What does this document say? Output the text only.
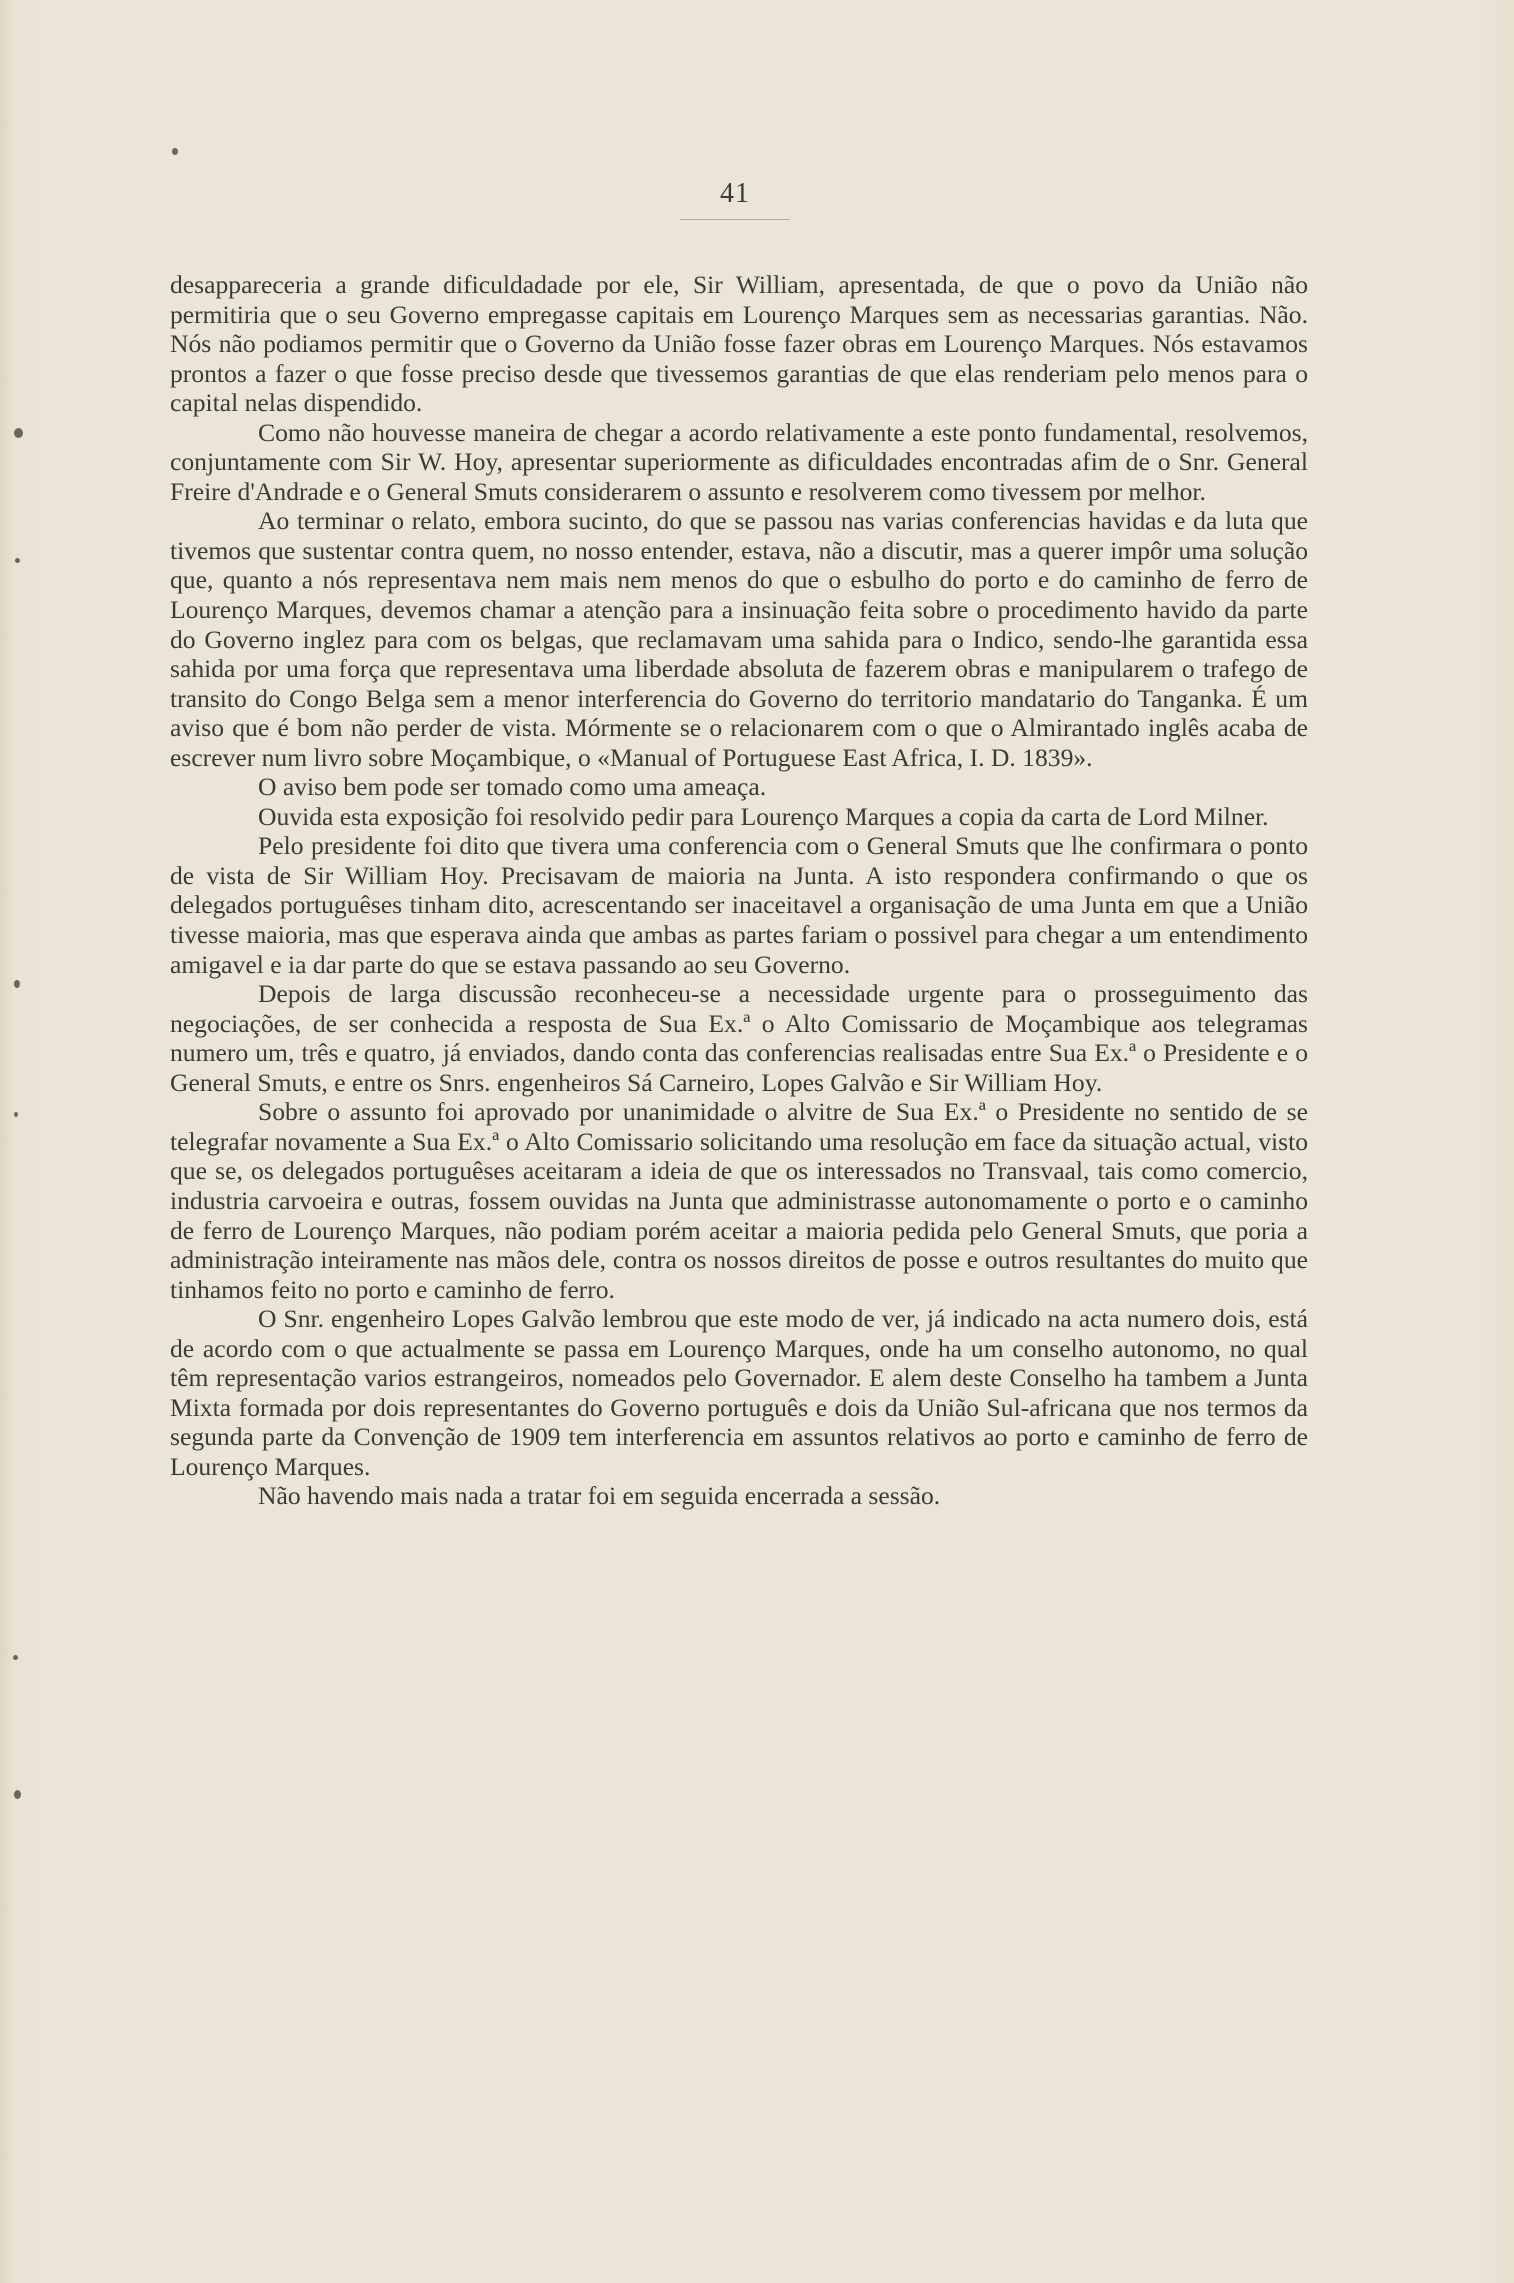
41

desappareceria a grande dificuldadade por ele, Sir William, apresentada, de que o povo da União não permitiria que o seu Governo empregasse capitais em Lourenço Marques sem as necessarias garantias. Não. Nós não podiamos permitir que o Governo da União fosse fazer obras em Lourenço Marques. Nós estavamos prontos a fazer o que fosse preciso desde que tivessemos garantias de que elas renderiam pelo menos para o capital nelas dispendido.

Como não houvesse maneira de chegar a acordo relativamente a este ponto fundamental, resolvemos, conjuntamente com Sir W. Hoy, apresentar superiormente as dificuldades encontradas afim de o Snr. General Freire d'Andrade e o General Smuts considerarem o assunto e resolverem como tivessem por melhor.

Ao terminar o relato, embora sucinto, do que se passou nas varias conferencias havidas e da luta que tivemos que sustentar contra quem, no nosso entender, estava, não a discutir, mas a querer impôr uma solução que, quanto a nós representava nem mais nem menos do que o esbulho do porto e do caminho de ferro de Lourenço Marques, devemos chamar a atenção para a insinuação feita sobre o procedimento havido da parte do Governo inglez para com os belgas, que reclamavam uma sahida para o Indico, sendo-lhe garantida essa sahida por uma força que representava uma liberdade absoluta de fazerem obras e manipularem o trafego de transito do Congo Belga sem a menor interferencia do Governo do territorio mandatario do Tanganka. É um aviso que é bom não perder de vista. Mórmente se o relacionarem com o que o Almirantado inglês acaba de escrever num livro sobre Moçambique, o «Manual of Portuguese East Africa, I. D. 1839».

O aviso bem pode ser tomado como uma ameaça.

Ouvida esta exposição foi resolvido pedir para Lourenço Marques a copia da carta de Lord Milner.

Pelo presidente foi dito que tivera uma conferencia com o General Smuts que lhe confirmara o ponto de vista de Sir William Hoy. Precisavam de maioria na Junta. A isto respondera confirmando o que os delegados portuguêses tinham dito, acrescentando ser inaceitavel a organisação de uma Junta em que a União tivesse maioria, mas que esperava ainda que ambas as partes fariam o possivel para chegar a um entendimento amigavel e ia dar parte do que se estava passando ao seu Governo.

Depois de larga discussão reconheceu-se a necessidade urgente para o prosseguimento das negociações, de ser conhecida a resposta de Sua Ex.ª o Alto Comissario de Moçambique aos telegramas numero um, três e quatro, já enviados, dando conta das conferencias realisadas entre Sua Ex.ª o Presidente e o General Smuts, e entre os Snrs. engenheiros Sá Carneiro, Lopes Galvão e Sir William Hoy.

Sobre o assunto foi aprovado por unanimidade o alvitre de Sua Ex.ª o Presidente no sentido de se telegrafar novamente a Sua Ex.ª o Alto Comissario solicitando uma resolução em face da situação actual, visto que se, os delegados portuguêses aceitaram a ideia de que os interessados no Transvaal, tais como comercio, industria carvoeira e outras, fossem ouvidas na Junta que administrasse autonomamente o porto e o caminho de ferro de Lourenço Marques, não podiam porém aceitar a maioria pedida pelo General Smuts, que poria a administração inteiramente nas mãos dele, contra os nossos direitos de posse e outros resultantes do muito que tinhamos feito no porto e caminho de ferro.

O Snr. engenheiro Lopes Galvão lembrou que este modo de ver, já indicado na acta numero dois, está de acordo com o que actualmente se passa em Lourenço Marques, onde ha um conselho autonomo, no qual têm representação varios estrangeiros, nomeados pelo Governador. E alem deste Conselho ha tambem a Junta Mixta formada por dois representantes do Governo português e dois da União Sul-africana que nos termos da segunda parte da Convenção de 1909 tem interferencia em assuntos relativos ao porto e caminho de ferro de Lourenço Marques.

Não havendo mais nada a tratar foi em seguida encerrada a sessão.
